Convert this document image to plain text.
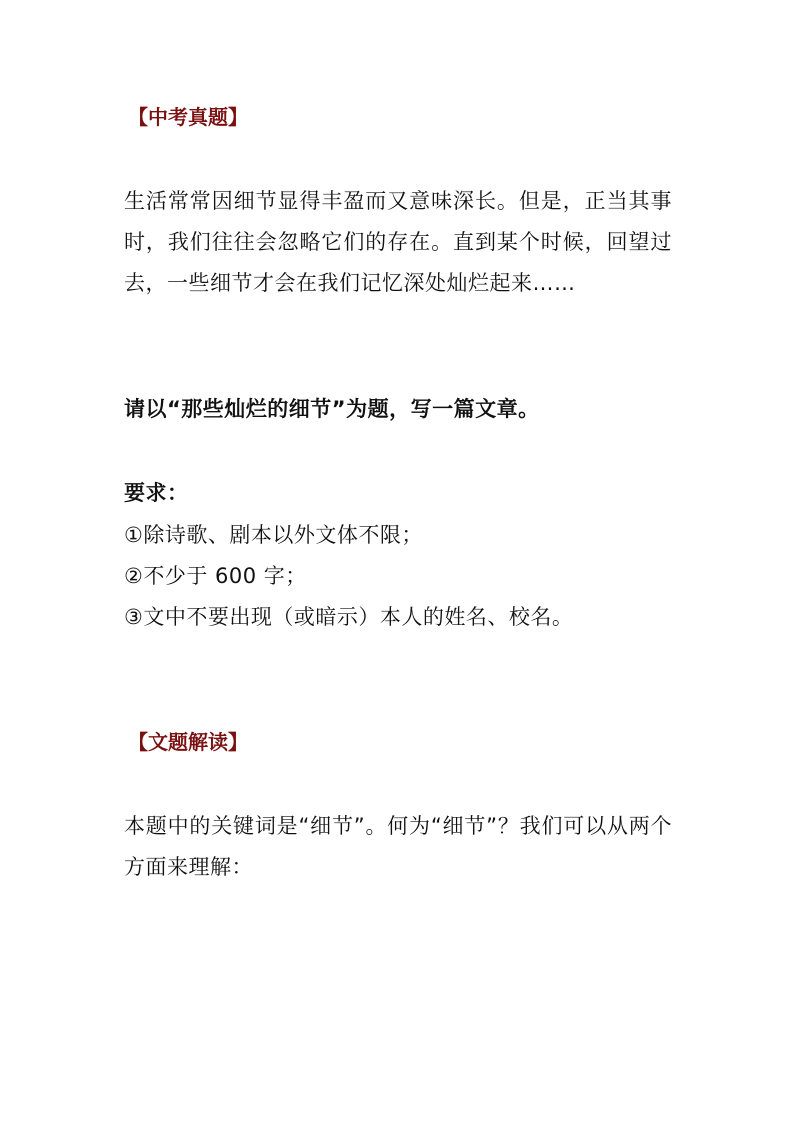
【中考真题】
生活常常因细节显得丰盈而又意味深长。但是，正当其事时，我们往往会忽略它们的存在。直到某个时候，回望过去，一些细节才会在我们记忆深处灿烂起来……
请以“那些灿烂的细节”为题，写一篇文章。
要求：
①除诗歌、剧本以外文体不限；
②不少于 600 字；
③文中不要出现（或暗示）本人的姓名、校名。
【文题解读】
本题中的关键词是“细节”。何为“细节”？我们可以从两个方面来理解：
